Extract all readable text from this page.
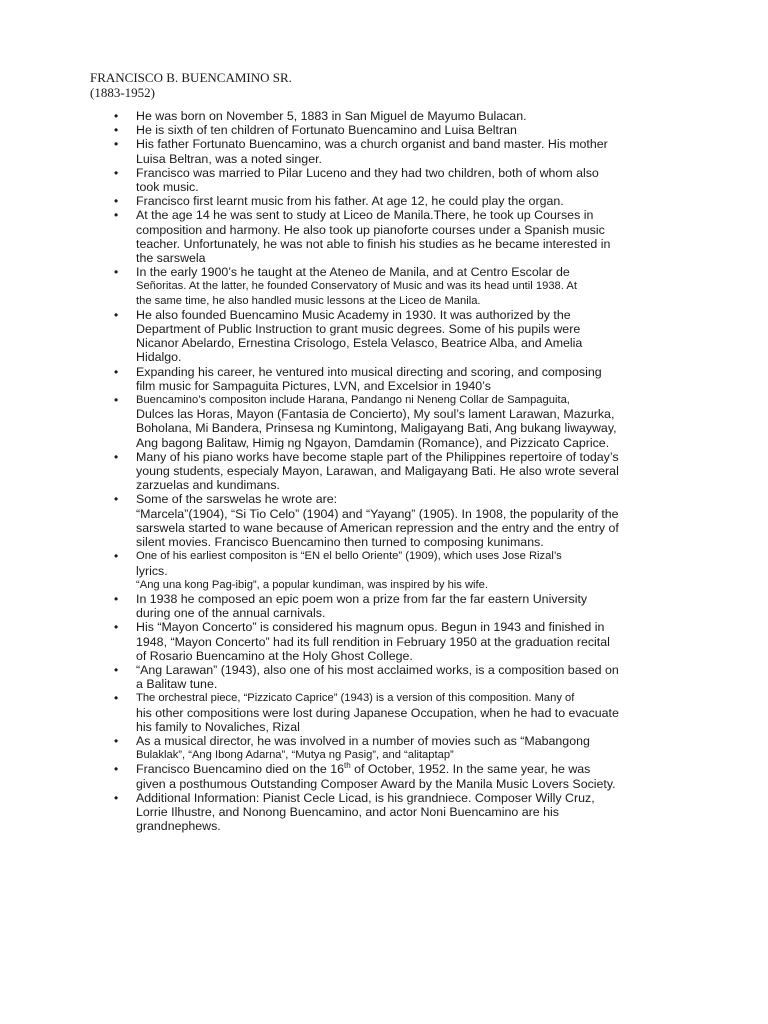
FRANCISCO B. BUENCAMINO SR.
(1883-1952)
• He was born on November 5, 1883 in San Miguel de Mayumo Bulacan.
• He is sixth of ten children of Fortunato Buencamino and Luisa Beltran
• His father Fortunato Buencamino, was a church organist and band master. His mother
Luisa Beltran, was a noted singer.
• Francisco was married to Pilar Luceno and they had two children, both of whom also
took music.
• Francisco first learnt music from his father. At age 12, he could play the organ.
• At the age 14 he was sent to study at Liceo de Manila.There, he took up Courses in
composition and harmony. He also took up pianoforte courses under a Spanish music
teacher. Unfortunately, he was not able to finish his studies as he became interested in
the sarswela
• In the early 1900’s he taught at the Ateneo de Manila, and at Centro Escolar de
Señoritas. At the latter, he founded Conservatory of Music and was its head until 1938. At
the same time, he also handled music lessons at the Liceo de Manila.
• He also founded Buencamino Music Academy in 1930. It was authorized by the
Department of Public Instruction to grant music degrees. Some of his pupils were
Nicanor Abelardo, Ernestina Crisologo, Estela Velasco, Beatrice Alba, and Amelia
Hidalgo.
• Expanding his career, he ventured into musical directing and scoring, and composing
film music for Sampaguita Pictures, LVN, and Excelsior in 1940’s
• Buencamino’s compositon include Harana, Pandango ni Neneng Collar de Sampaguita,
Dulces las Horas, Mayon (Fantasia de Concierto), My soul’s lament Larawan, Mazurka,
Boholana, Mi Bandera, Prinsesa ng Kumintong, Maligayang Bati, Ang bukang liwayway,
Ang bagong Balitaw, Himig ng Ngayon, Damdamin (Romance), and Pizzicato Caprice.
• Many of his piano works have become staple part of the Philippines repertoire of today’s
young students, especialy Mayon, Larawan, and Maligayang Bati. He also wrote several
zarzuelas and kundimans.
• Some of the sarswelas he wrote are:
“Marcela”(1904), “Si Tio Celo” (1904) and “Yayang” (1905). In 1908, the popularity of the
sarswela started to wane because of American repression and the entry and the entry of
silent movies. Francisco Buencamino then turned to composing kunimans.
• One of his earliest compositon is “EN el bello Oriente” (1909), which uses Jose Rizal’s
lyrics.
“Ang una kong Pag-ibig”, a popular kundiman, was inspired by his wife.
• In 1938 he composed an epic poem won a prize from far the far eastern University
during one of the annual carnivals.
• His “Mayon Concerto” is considered his magnum opus. Begun in 1943 and finished in
1948, “Mayon Concerto” had its full rendition in February 1950 at the graduation recital
of Rosario Buencamino at the Holy Ghost College.
• “Ang Larawan” (1943), also one of his most acclaimed works, is a composition based on
a Balitaw tune.
• The orchestral piece, “Pizzicato Caprice” (1943) is a version of this composition. Many of
his other compositions were lost during Japanese Occupation, when he had to evacuate
his family to Novaliches, Rizal
• As a musical director, he was involved in a number of movies such as “Mabangong
Bulaklak”, “Ang Ibong Adarna”, “Mutya ng Pasig”, and “alitaptap”
• Francisco Buencamino died on the 16th of October, 1952. In the same year, he was
given a posthumous Outstanding Composer Award by the Manila Music Lovers Society.
• Additional Information: Pianist Cecle Licad, is his grandniece. Composer Willy Cruz,
Lorrie Ilhustre, and Nonong Buencamino, and actor Noni Buencamino are his
grandnephews.
